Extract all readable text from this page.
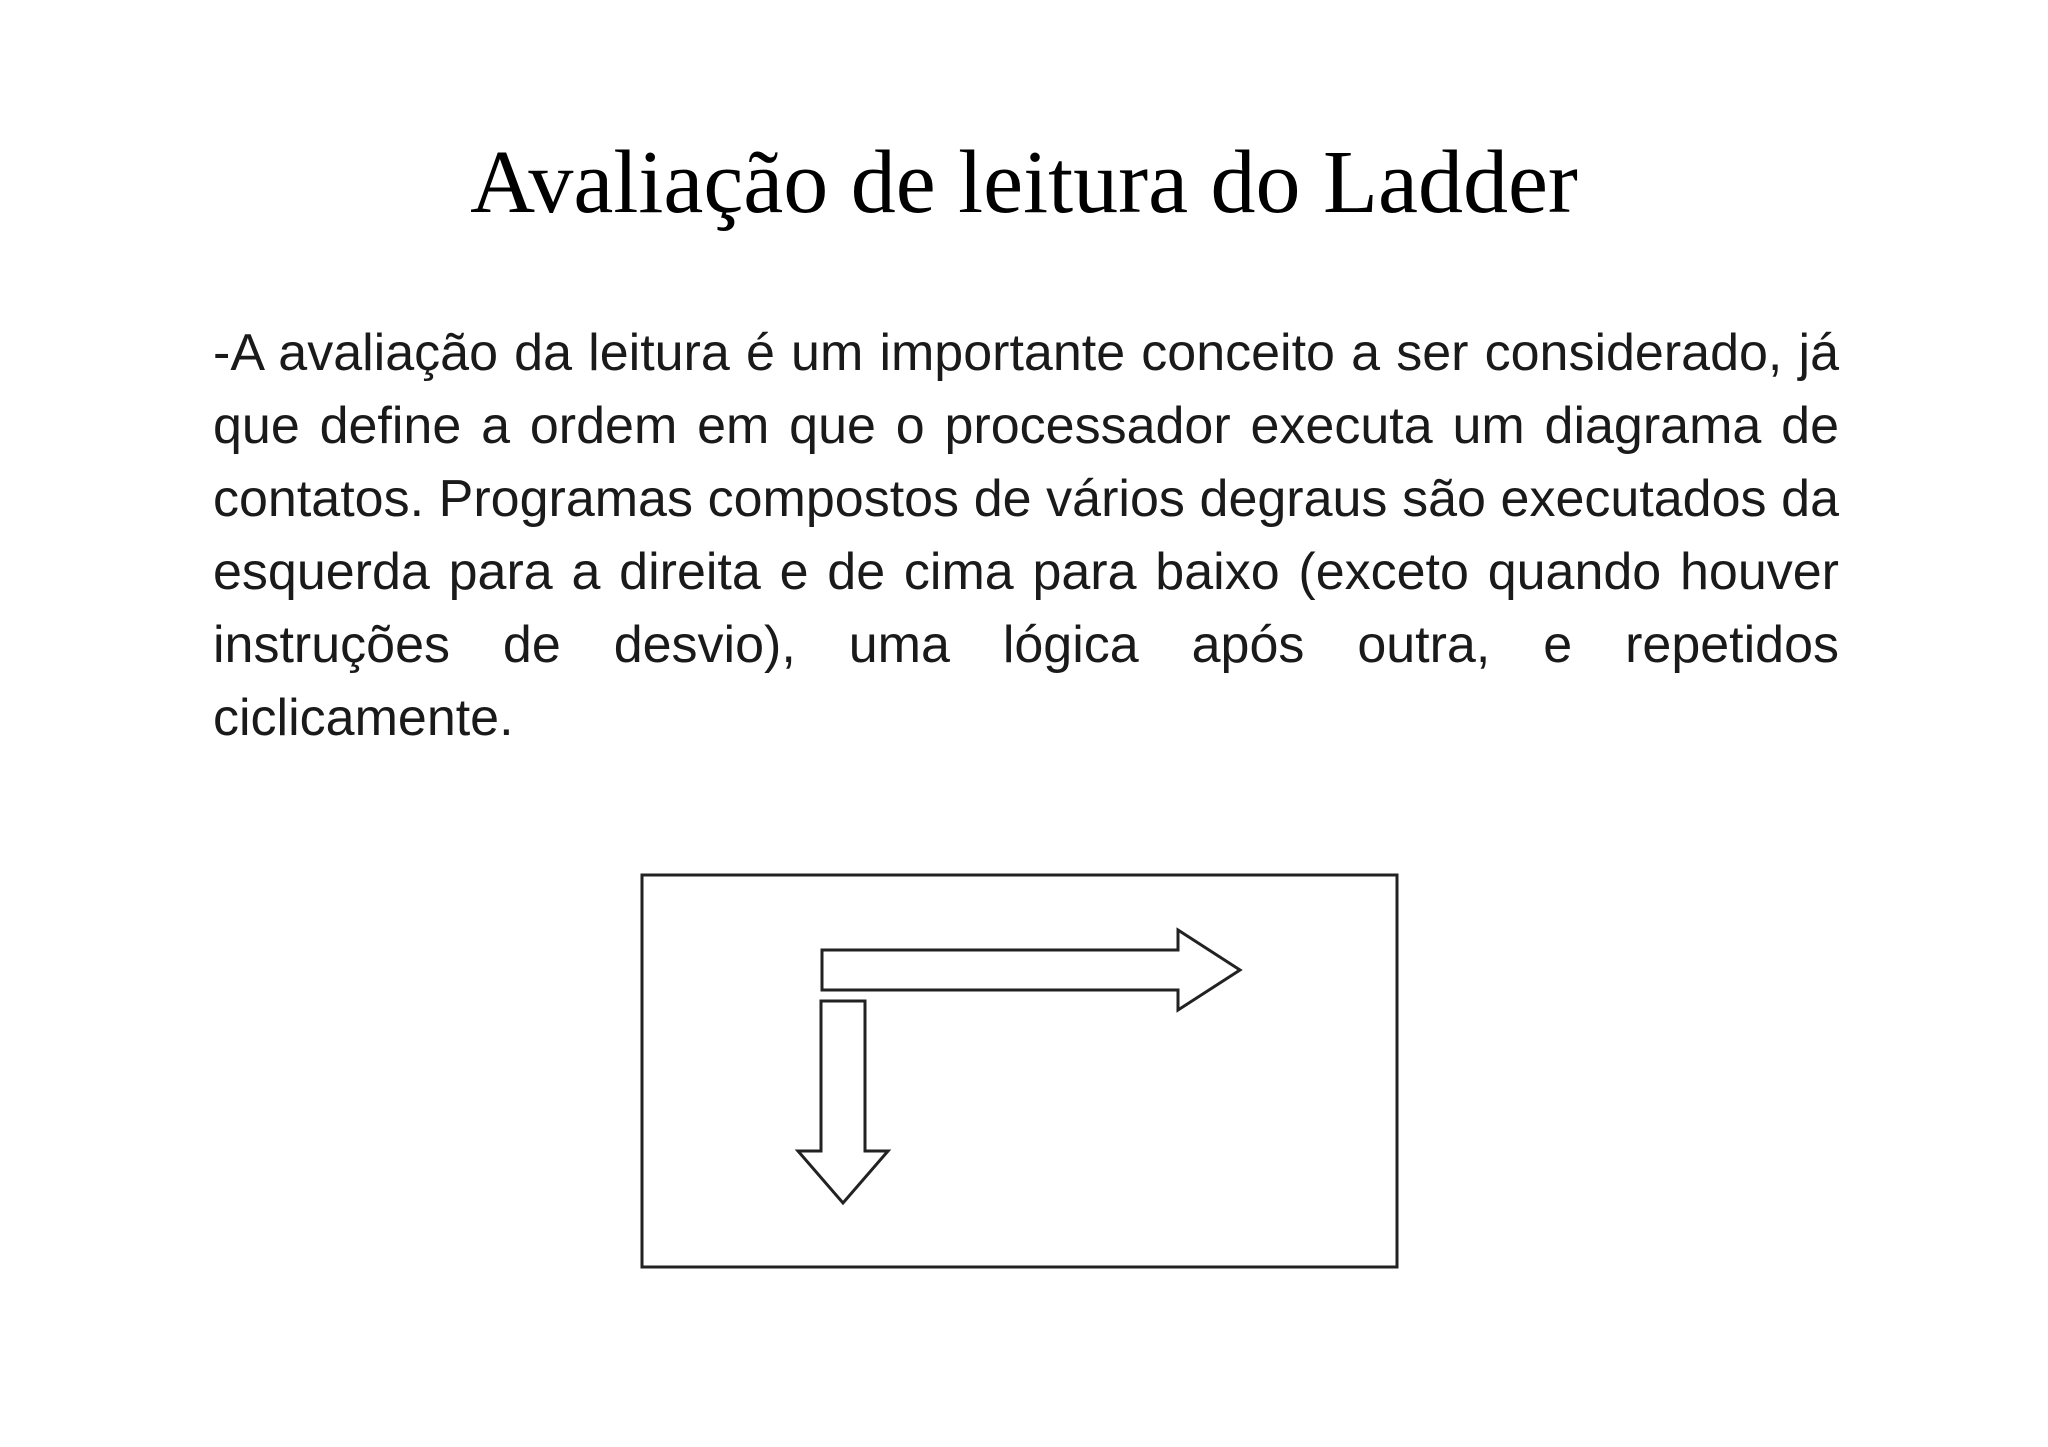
Avaliação de leitura do Ladder

-A avaliação da leitura é um importante conceito a ser considerado, já que define a ordem em que o processador executa um diagrama de contatos. Programas compostos de vários degraus são executados da esquerda para a direita e de cima para baixo (exceto quando houver instruções de desvio), uma lógica após outra, e repetidos ciclicamente.
